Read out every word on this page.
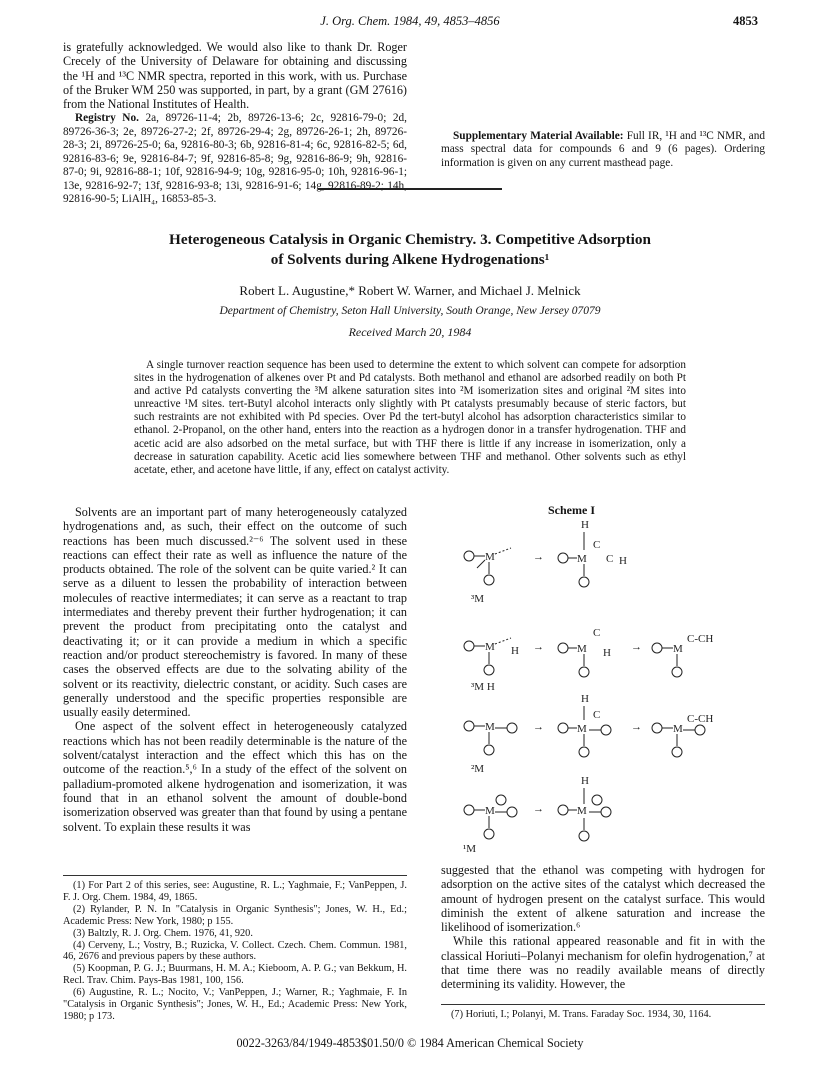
J. Org. Chem. 1984, 49, 4853–4856	4853

is gratefully acknowledged. We would also like to thank Dr. Roger Crecely of the University of Delaware for obtaining and discussing the ¹H and ¹³C NMR spectra, reported in this work, with us. Purchase of the Bruker WM 250 was supported, in part, by a grant (GM 27616) from the National Institutes of Health.

Registry No. 2a, 89726-11-4; 2b, 89726-13-6; 2c, 92816-79-0; 2d, 89726-36-3; 2e, 89726-27-2; 2f, 89726-29-4; 2g, 89726-26-1; 2h, 89726-28-3; 2i, 89726-25-0; 6a, 92816-80-3; 6b, 92816-81-4; 6c, 92816-82-5; 6d, 92816-83-6; 9e, 92816-84-7; 9f, 92816-85-8; 9g, 92816-86-9; 9h, 92816-87-0; 9i, 92816-88-1; 10f, 92816-94-9; 10g, 92816-95-0; 10h, 92816-96-1; 13e, 92816-92-7; 13f, 92816-93-8; 13i, 92816-91-6; 14g, 92816-89-2; 14h, 92816-90-5; LiAlH₄, 16853-85-3.

Supplementary Material Available: Full IR, ¹H and ¹³C NMR, and mass spectral data for compounds 6 and 9 (6 pages). Ordering information is given on any current masthead page.

Heterogeneous Catalysis in Organic Chemistry. 3. Competitive Adsorption
of Solvents during Alkene Hydrogenations¹
Robert L. Augustine,* Robert W. Warner, and Michael J. Melnick
Department of Chemistry, Seton Hall University, South Orange, New Jersey 07079
Received March 20, 1984
A single turnover reaction sequence has been used to determine the extent to which solvent can compete for adsorption sites in the hydrogenation of alkenes over Pt and Pd catalysts. Both methanol and ethanol are adsorbed readily on both Pt and active Pd catalysts converting the ³M alkene saturation sites into ²M isomerization sites and original ²M sites into unreactive ¹M sites. tert-Butyl alcohol interacts only slightly with Pt catalysts presumably because of steric factors, but such restraints are not exhibited with Pd species. Over Pd the tert-butyl alcohol has adsorption characteristics similar to ethanol. 2-Propanol, on the other hand, enters into the reaction as a hydrogen donor in a transfer hydrogenation. THF and acetic acid are also adsorbed on the metal surface, but with THF there is little if any increase in isomerization, only a decrease in saturation capability. Acetic acid lies somewhere between THF and methanol. Other solvents such as ethyl acetate, ether, and acetone have little, if any, effect on catalyst activity.

Solvents are an important part of many heterogeneously catalyzed hydrogenations and, as such, their effect on the outcome of such reactions has been much discussed.²⁻⁶ The solvent used in these reactions can effect their rate as well as influence the nature of the products obtained. The role of the solvent can be quite varied.² It can serve as a diluent to lessen the probability of interaction between molecules of reactive intermediates; it can serve as a reactant to trap intermediates and thereby prevent their further hydrogenation; it can prevent the product from precipitating onto the catalyst and deactivating it; or it can provide a medium in which a specific reaction and/or product stereochemistry is favored. In many of these cases the observed effects are due to the solvating ability of the solvent or its reactivity, dielectric constant, or acidity. Such cases are generally understood and the specific properties responsible are usually easily determined.

One aspect of the solvent effect in heterogeneously catalyzed reactions which has not been readily determinable is the nature of the solvent/catalyst interaction and the effect which this has on the outcome of the reaction.⁵,⁶ In a study of the effect of the solvent on palladium-promoted alkene hydrogenation and isomerization, it was found that in an ethanol solvent the amount of double-bond isomerization observed was greater than that found by using a pentane solvent. To explain these results it was

(1) For Part 2 of this series, see: Augustine, R. L.; Yaghmaie, F.; VanPeppen, J. F. J. Org. Chem. 1984, 49, 1865.

(2) Rylander, P. N. In "Catalysis in Organic Synthesis"; Jones, W. H., Ed.; Academic Press: New York, 1980; p 155.

(3) Baltzly, R. J. Org. Chem. 1976, 41, 920.

(4) Cerveny, L.; Vostry, B.; Ruzicka, V. Collect. Czech. Chem. Commun. 1981, 46, 2676 and previous papers by these authors.

(5) Koopman, P. G. J.; Buurmans, H. M. A.; Kieboom, A. P. G.; van Bekkum, H. Recl. Trav. Chim. Pays-Bas 1981, 100, 156.

(6) Augustine, R. L.; Nocito, V.; VanPeppen, J.; Warner, R.; Yaghmaie, F. In "Catalysis in Organic Synthesis"; Jones, W. H., Ed.; Academic Press: New York, 1980; p 173.

Scheme I
M
³M
→
H
M
C
C H
M H
³M H
→	M
C
H →	M
C-CH
M
²M
→
H
M
C
→	M
C-CH
M
¹M
→
H
M

suggested that the ethanol was competing with hydrogen for adsorption on the active sites of the catalyst which decreased the amount of hydrogen present on the catalyst surface. This would diminish the extent of alkene saturation and increase the likelihood of isomerization.⁶

While this rational appeared reasonable and fit in with the classical Horiuti–Polanyi mechanism for olefin hydrogenation,⁷ at that time there was no readily available means of directly determining its validity. However, the

(7) Horiuti, I.; Polanyi, M. Trans. Faraday Soc. 1934, 30, 1164.

0022-3263/84/1949-4853$01.50/0 © 1984 American Chemical Society
